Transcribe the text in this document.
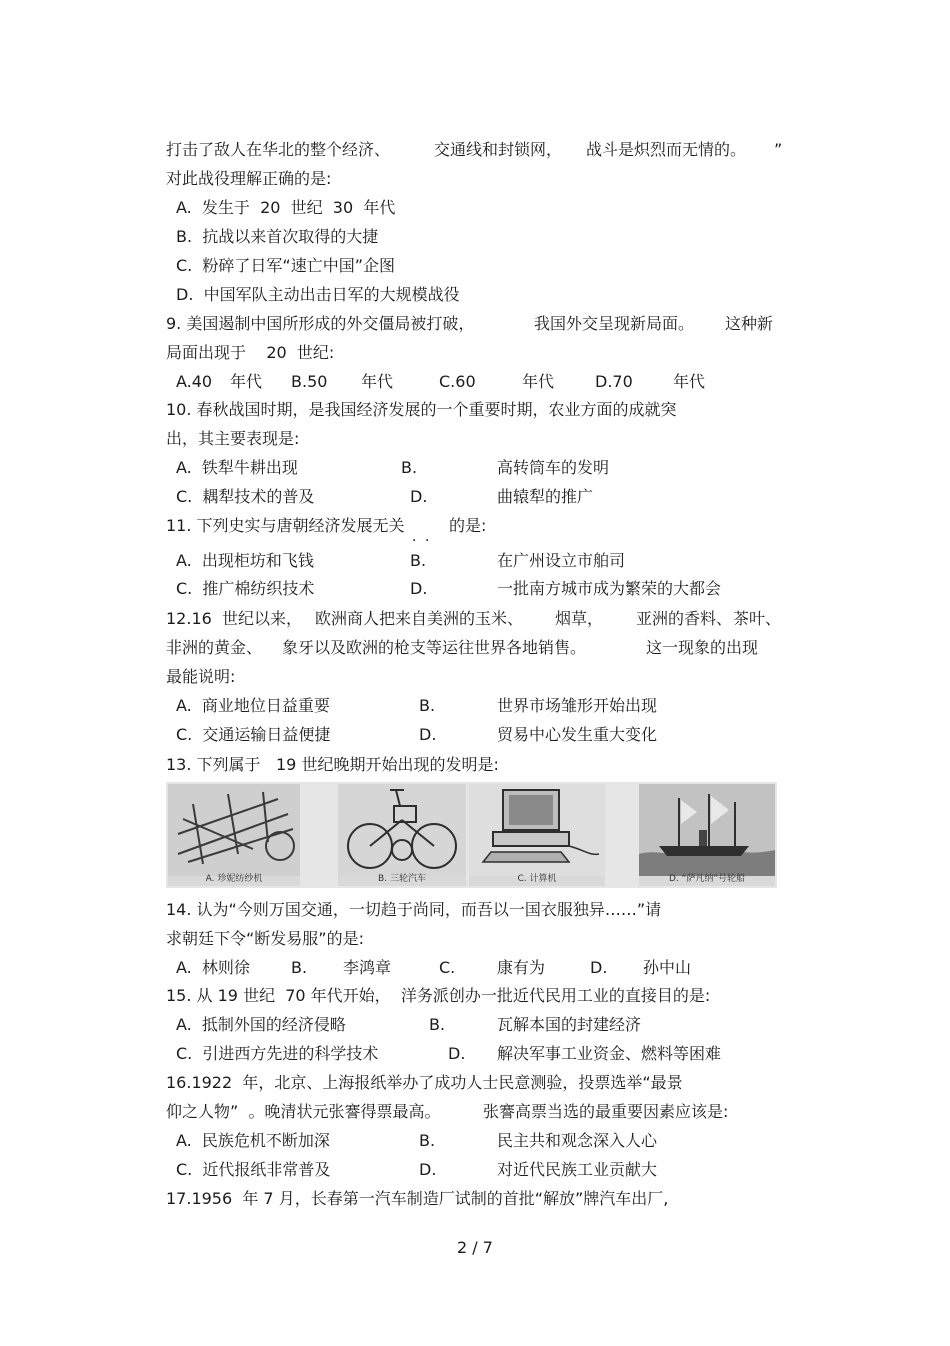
打击了敌人在华北的整个经济、	交通线和封锁网， 战斗是炽烈而无情的。 ”
对此战役理解正确的是:
A.  发生于  20  世纪  30  年代
B.  抗战以来首次取得的大捷
C.  粉碎了日军“速亡中国”企图
D.  中国军队主动出击日军的大规模战役
9. 美国遏制中国所形成的外交僵局被打破，	我国外交呈现新局面。 这种新
局面出现于    20  世纪:
A.40 年代 B.50 年代	C.60	年代	D.70	年代
10. 春秋战国时期，是我国经济发展的一个重要时期，农业方面的成就突
出，其主要表现是:
A.  铁犁牛耕出现	B.	高转筒车的发明
C.  耦犁技术的普及	D.	曲辕犁的推广
11. 下列史实与唐朝经济发展无关
．．
的是:
A.  出现柜坊和飞钱	B.	在广州设立市舶司
C.  推广棉纺织技术	D.	一批南方城市成为繁荣的大都会
12.16  世纪以来， 欧洲商人把来自美洲的玉米、 烟草， 亚洲的香料、 茶叶、
非洲的黄金、 象牙以及欧洲的枪支等运往世界各地销售。	这一现象的出现
最能说明:
A.  商业地位日益重要	B.	世界市场雏形开始出现
C.  交通运输日益便捷	D.	贸易中心发生重大变化
13. 下列属于 19 世纪晚期开始出现的发明是:
A. 珍妮纺纱机	B. 三轮汽车	C. 计算机	D. “萨凡纳”号轮船
14. 认为“今则万国交通，一切趋于尚同，而吾以一国衣服独异……”请
求朝廷下令“断发易服”的是:
A.  林则徐	B. 李鸿章	C.	康有为	D. 孙中山
15. 从 19 世纪  70 年代开始，  洋务派创办一批近代民用工业的直接目的是:
A.  抵制外国的经济侵略	B.	瓦解本国的封建经济
C.  引进西方先进的科学技术	D. 解决军事工业资金、燃料等困难
16.1922  年，北京、上海报纸举办了成功人士民意测验，投票选举“最景
仰之人物”  。晚清状元张謇得票最高。	张謇高票当选的最重要因素应该是:
A.  民族危机不断加深	B.	民主共和观念深入人心
C.  近代报纸非常普及	D.	对近代民族工业贡献大
17.1956  年 7 月，长春第一汽车制造厂试制的首批“解放”牌汽车出厂,
2 / 7
